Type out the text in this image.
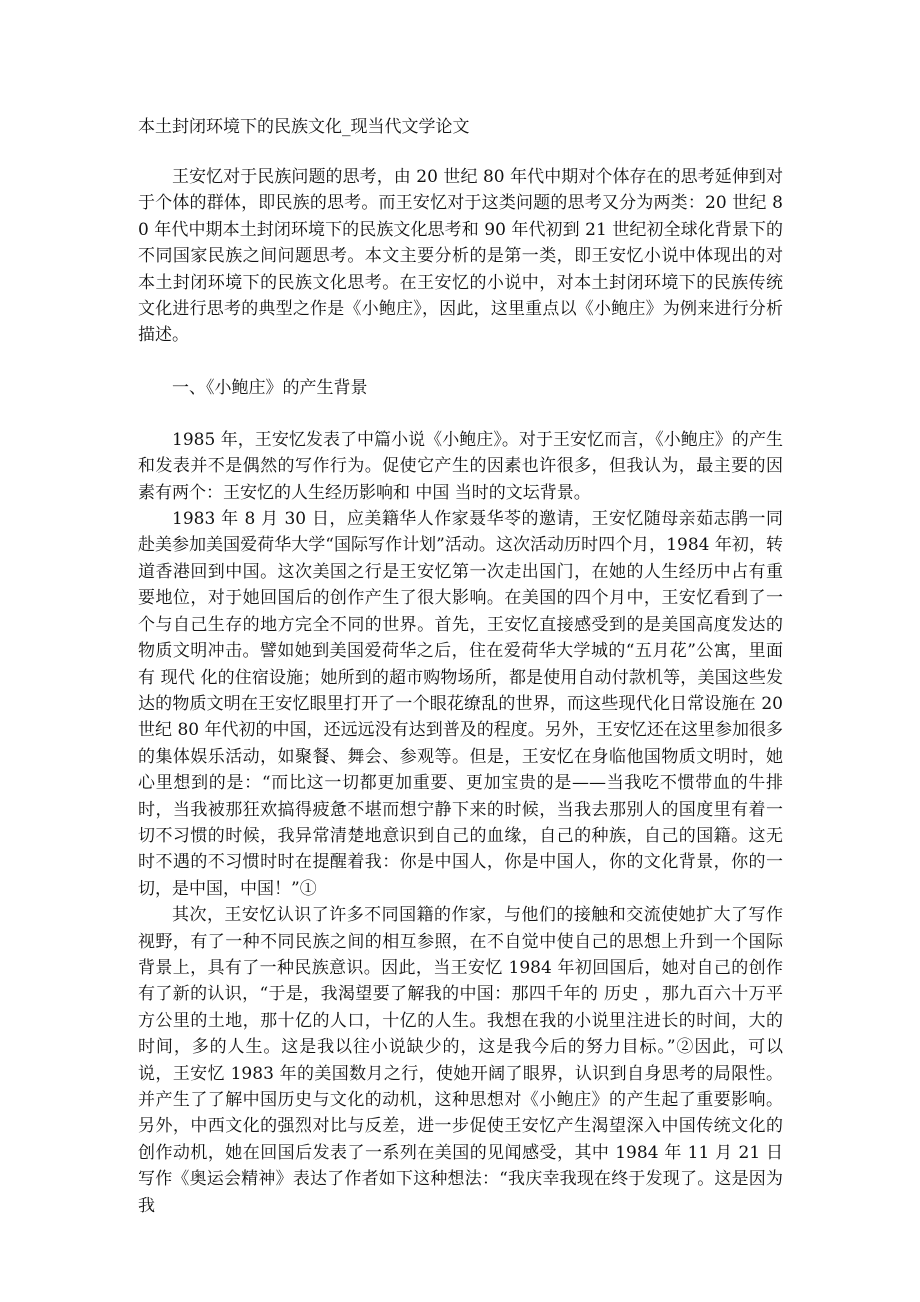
本土封闭环境下的民族文化_现当代文学论文

王安忆对于民族问题的思考，由 20 世纪 80 年代中期对个体存在的思考延伸到对于个体的群体，即民族的思考。而王安忆对于这类问题的思考又分为两类：20 世纪 80 年代中期本土封闭环境下的民族文化思考和 90 年代初到 21 世纪初全球化背景下的不同国家民族之间问题思考。本文主要分析的是第一类，即王安忆小说中体现出的对本土封闭环境下的民族文化思考。在王安忆的小说中，对本土封闭环境下的民族传统文化进行思考的典型之作是《小鲍庄》，因此，这里重点以《小鲍庄》为例来进行分析描述。

一、《小鲍庄》的产生背景

1985 年，王安忆发表了中篇小说《小鲍庄》。对于王安忆而言，《小鲍庄》的产生和发表并不是偶然的写作行为。促使它产生的因素也许很多，但我认为，最主要的因素有两个：王安忆的人生经历影响和 中国 当时的文坛背景。

1983 年 8 月 30 日，应美籍华人作家聂华苓的邀请，王安忆随母亲茹志鹃一同赴美参加美国爱荷华大学“国际写作计划”活动。这次活动历时四个月，1984 年初，转道香港回到中国。这次美国之行是王安忆第一次走出国门，在她的人生经历中占有重要地位，对于她回国后的创作产生了很大影响。在美国的四个月中，王安忆看到了一个与自己生存的地方完全不同的世界。首先，王安忆直接感受到的是美国高度发达的物质文明冲击。譬如她到美国爱荷华之后，住在爱荷华大学城的“五月花”公寓，里面有 现代 化的住宿设施；她所到的超市购物场所，都是使用自动付款机等，美国这些发达的物质文明在王安忆眼里打开了一个眼花缭乱的世界，而这些现代化日常设施在 20 世纪 80 年代初的中国，还远远没有达到普及的程度。另外，王安忆还在这里参加很多的集体娱乐活动，如聚餐、舞会、参观等。但是，王安忆在身临他国物质文明时，她心里想到的是：“而比这一切都更加重要、更加宝贵的是——当我吃不惯带血的牛排时，当我被那狂欢搞得疲惫不堪而想宁静下来的时候，当我去那别人的国度里有着一切不习惯的时候，我异常清楚地意识到自己的血缘，自己的种族，自己的国籍。这无时不遇的不习惯时时在提醒着我：你是中国人，你是中国人，你的文化背景，你的一切，是中国，中国！”①

其次，王安忆认识了许多不同国籍的作家，与他们的接触和交流使她扩大了写作视野，有了一种不同民族之间的相互参照，在不自觉中使自己的思想上升到一个国际背景上，具有了一种民族意识。因此，当王安忆 1984 年初回国后，她对自己的创作有了新的认识，“于是，我渴望要了解我的中国：那四千年的 历史 ，那九百六十万平方公里的土地，那十亿的人口，十亿的人生。我想在我的小说里注进长的时间，大的时间，多的人生。这是我以往小说缺少的，这是我今后的努力目标。”②因此，可以说，王安忆 1983 年的美国数月之行，使她开阔了眼界，认识到自身思考的局限性。并产生了了解中国历史与文化的动机，这种思想对《小鲍庄》的产生起了重要影响。另外，中西文化的强烈对比与反差，进一步促使王安忆产生渴望深入中国传统文化的创作动机，她在回国后发表了一系列在美国的见闻感受，其中 1984 年 11 月 21 日写作《奥运会精神》表达了作者如下这种想法：“我庆幸我现在终于发现了。这是因为我
